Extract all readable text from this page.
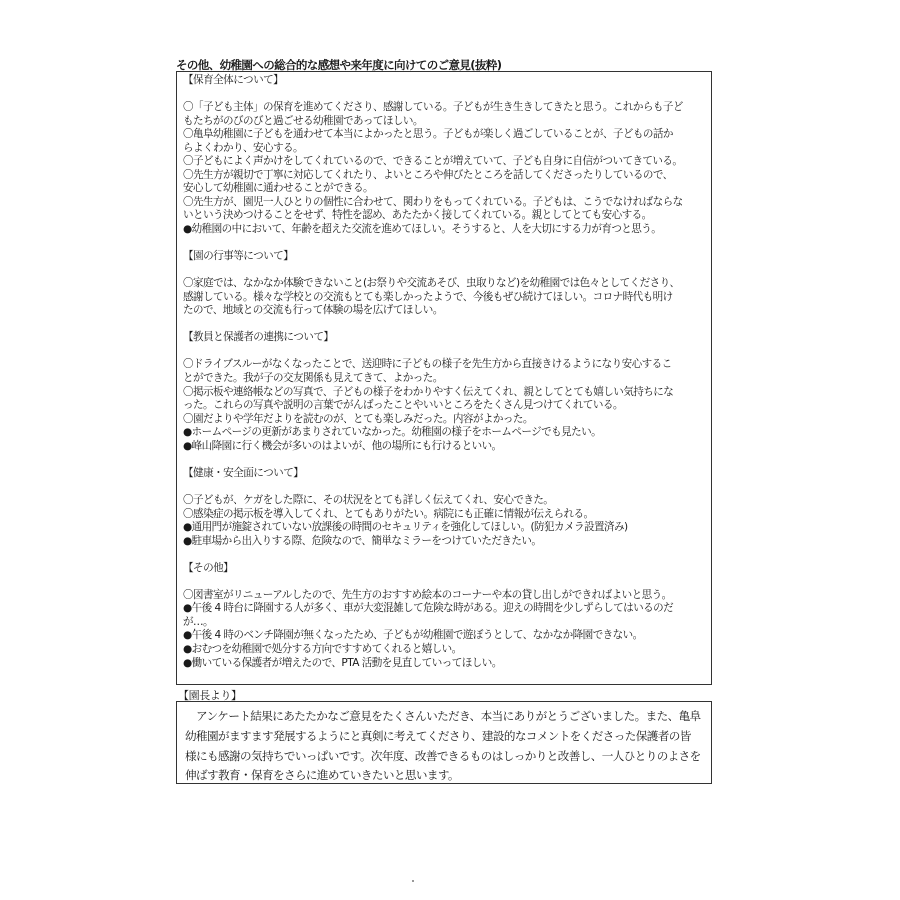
その他、幼稚園への総合的な感想や来年度に向けてのご意見(抜粋)
【保育全体について】
〇「子ども主体」の保育を進めてくださり、感謝している。子どもが生き生きしてきたと思う。これからも子ど
もたちがのびのびと過ごせる幼稚園であってほしい。
〇亀阜幼稚園に子どもを通わせて本当によかったと思う。子どもが楽しく過ごしていることが、子どもの話か
らよくわかり、安心する。
〇子どもによく声かけをしてくれているので、できることが増えていて、子ども自身に自信がついてきている。
〇先生方が親切で丁寧に対応してくれたり、よいところや伸びたところを話してくださったりしているので、
安心して幼稚園に通わせることができる。
〇先生方が、園児一人ひとりの個性に合わせて、関わりをもってくれている。子どもは、こうでなければならな
いという決めつけることをせず、特性を認め、あたたかく接してくれている。親としてとても安心する。
●幼稚園の中において、年齢を超えた交流を進めてほしい。そうすると、人を大切にする力が育つと思う。
【園の行事等について】
〇家庭では、なかなか体験できないこと(お祭りや交流あそび、虫取りなど)を幼稚園では色々としてくださり、
感謝している。様々な学校との交流もとても楽しかったようで、今後もぜひ続けてほしい。コロナ時代も明け
たので、地域との交流も行って体験の場を広げてほしい。
【教員と保護者の連携について】
〇ドライブスルーがなくなったことで、送迎時に子どもの様子を先生方から直接きけるようになり安心するこ
とができた。我が子の交友関係も見えてきて、よかった。
〇掲示板や連絡帳などの写真で、子どもの様子をわかりやすく伝えてくれ、親としてとても嬉しい気持ちにな
った。これらの写真や説明の言葉でがんばったことやいいところをたくさん見つけてくれている。
〇園だよりや学年だよりを読むのが、とても楽しみだった。内容がよかった。
●ホームページの更新があまりされていなかった。幼稚園の様子をホームページでも見たい。
●峰山降園に行く機会が多いのはよいが、他の場所にも行けるといい。
【健康・安全面について】
〇子どもが、ケガをした際に、その状況をとても詳しく伝えてくれ、安心できた。
〇感染症の掲示板を導入してくれ、とてもありがたい。病院にも正確に情報が伝えられる。
●通用門が施錠されていない放課後の時間のセキュリティを強化してほしい。(防犯カメラ設置済み)
●駐車場から出入りする際、危険なので、簡単なミラーをつけていただきたい。
【その他】
〇図書室がリニューアルしたので、先生方のおすすめ絵本のコーナーや本の貸し出しができればよいと思う。
●午後 4 時台に降園する人が多く、車が大変混雑して危険な時がある。迎えの時間を少しずらしてはいるのだ
が…。
●午後 4 時のベンチ降園が無くなったため、子どもが幼稚園で遊ぼうとして、なかなか降園できない。
●おむつを幼稚園で処分する方向ですすめてくれると嬉しい。
●働いている保護者が増えたので、PTA 活動を見直していってほしい。
【園長より】
　アンケート結果にあたたかなご意見をたくさんいただき、本当にありがとうございました。また、亀阜
幼稚園がますます発展するようにと真剣に考えてくださり、建設的なコメントをくださった保護者の皆
様にも感謝の気持ちでいっぱいです。次年度、改善できるものはしっかりと改善し、一人ひとりのよさを
伸ばす教育・保育をさらに進めていきたいと思います。
